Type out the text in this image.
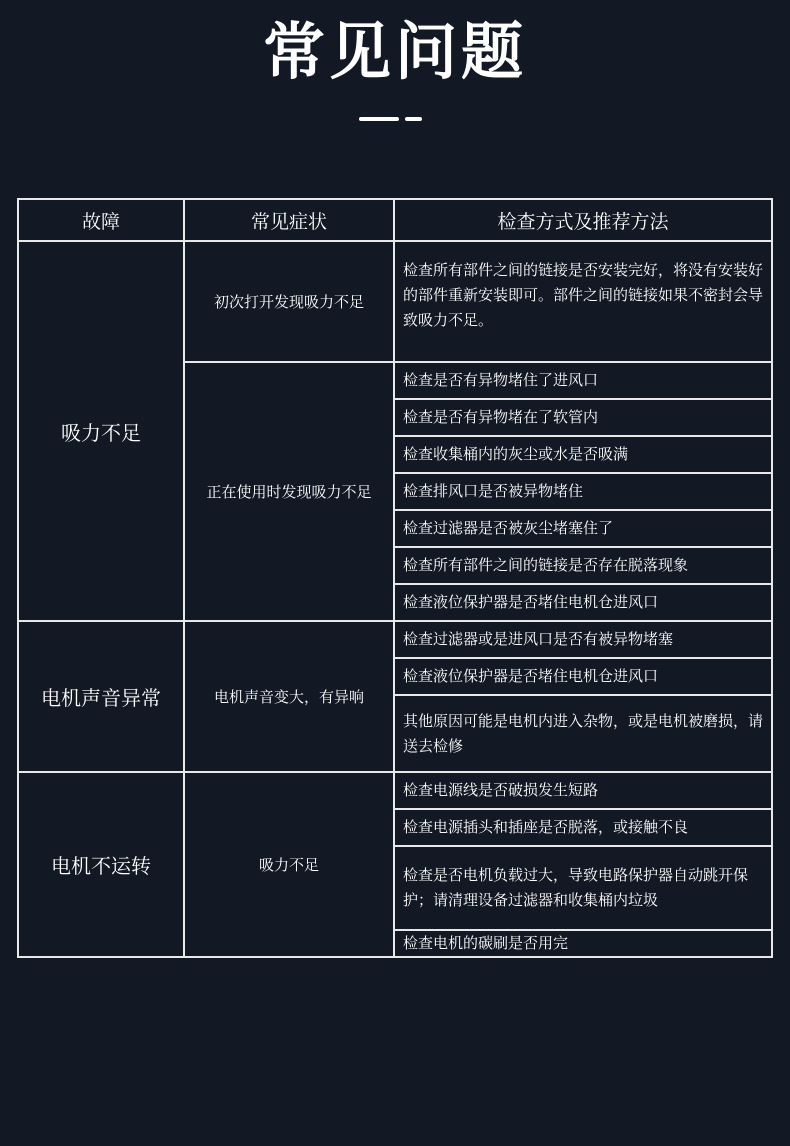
常见问题
故障	常见症状	检查方式及推荐方法
吸力不足	初次打开发现吸力不足	检查所有部件之间的链接是否安装完好，将没有安装好的部件重新安装即可。部件之间的链接如果不密封会导致吸力不足。
	正在使用时发现吸力不足	检查是否有异物堵住了进风口
		检查是否有异物堵在了软管内
		检查收集桶内的灰尘或水是否吸满
		检查排风口是否被异物堵住
		检查过滤器是否被灰尘堵塞住了
		检查所有部件之间的链接是否存在脱落现象
		检查液位保护器是否堵住电机仓进风口
电机声音异常	电机声音变大，有异响	检查过滤器或是进风口是否有被异物堵塞
		检查液位保护器是否堵住电机仓进风口
		其他原因可能是电机内进入杂物，或是电机被磨损，请送去检修
电机不运转	吸力不足	检查电源线是否破损发生短路
		检查电源插头和插座是否脱落，或接触不良
		检查是否电机负载过大，导致电路保护器自动跳开保护；请清理设备过滤器和收集桶内垃圾
		检查电机的碳刷是否用完
